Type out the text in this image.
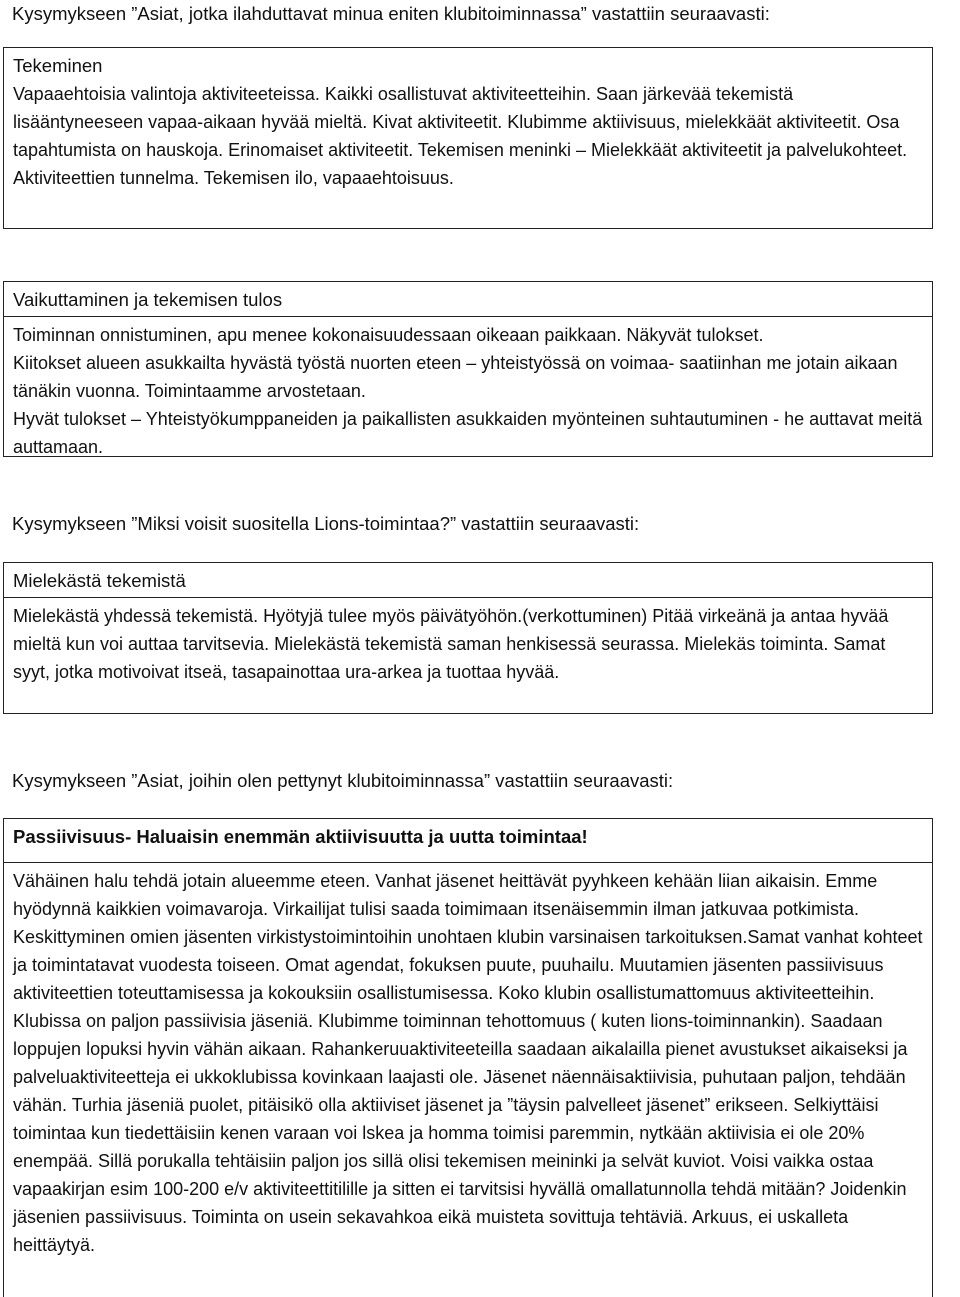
Kysymykseen ”Asiat, jotka ilahduttavat minua eniten klubitoiminnassa” vastattiin seuraavasti:

Tekeminen

Vapaaehtoisia valintoja aktiviteeteissa. Kaikki osallistuvat aktiviteetteihin. Saan järkevää tekemistä lisääntyneeseen vapaa-aikaan hyvää mieltä. Kivat aktiviteetit. Klubimme aktiivisuus, mielekkäät aktiviteetit. Osa tapahtumista on hauskoja. Erinomaiset aktiviteetit. Tekemisen meninki – Mielekkäät aktiviteetit ja palvelukohteet. Aktiviteettien tunnelma. Tekemisen ilo, vapaaehtoisuus.

Vaikuttaminen ja tekemisen tulos

Toiminnan onnistuminen, apu menee kokonaisuudessaan oikeaan paikkaan. Näkyvät tulokset.
Kiitokset alueen asukkailta hyvästä työstä nuorten eteen – yhteistyössä on voimaa- saatiinhan me jotain aikaan tänäkin vuonna. Toimintaamme arvostetaan.
Hyvät tulokset – Yhteistyökumppaneiden ja paikallisten asukkaiden myönteinen suhtautuminen - he auttavat meitä auttamaan.

Kysymykseen ”Miksi voisit suositella Lions-toimintaa?” vastattiin seuraavasti:

Mielekästä tekemistä

Mielekästä yhdessä tekemistä. Hyötyjä tulee myös päivätyöhön.(verkottuminen) Pitää virkeänä ja antaa hyvää mieltä kun voi auttaa tarvitsevia. Mielekästä tekemistä saman henkisessä seurassa. Mielekäs toiminta. Samat syyt, jotka motivoivat itseä, tasapainottaa ura-arkea ja tuottaa hyvää.

Kysymykseen ”Asiat, joihin olen pettynyt klubitoiminnassa” vastattiin seuraavasti:

Passiivisuus- Haluaisin enemmän aktiivisuutta ja uutta toimintaa!

Vähäinen halu tehdä jotain alueemme eteen. Vanhat jäsenet heittävät pyyhkeen kehään liian aikaisin. Emme hyödynnä kaikkien voimavaroja. Virkailijat tulisi saada toimimaan itsenäisemmin ilman jatkuvaa potkimista. Keskittyminen omien jäsenten virkistystoimintoihin unohtaen klubin varsinaisen tarkoituksen.Samat vanhat kohteet ja toimintatavat vuodesta toiseen. Omat agendat, fokuksen puute, puuhailu. Muutamien jäsenten passiivisuus aktiviteettien toteuttamisessa ja kokouksiin osallistumisessa. Koko klubin osallistumattomuus aktiviteetteihin. Klubissa on paljon passiivisia jäseniä. Klubimme toiminnan tehottomuus ( kuten lions-toiminnankin). Saadaan loppujen lopuksi hyvin vähän aikaan. Rahankeruuaktiviteeteilla saadaan aikalailla pienet avustukset aikaiseksi ja palveluaktiviteetteja ei ukkoklubissa kovinkaan laajasti ole. Jäsenet näennäisaktiivisia, puhutaan paljon, tehdään vähän. Turhia jäseniä puolet, pitäisikö olla aktiiviset jäsenet ja ”täysin palvelleet jäsenet” erikseen. Selkiyttäisi toimintaa kun tiedettäisiin kenen varaan voi lskea ja homma toimisi paremmin, nytkään aktiivisia ei ole 20% enempää. Sillä porukalla tehtäisiin paljon jos sillä olisi tekemisen meininki ja selvät kuviot. Voisi vaikka ostaa vapaakirjan esim 100-200 e/v aktiviteettitilille ja sitten ei tarvitsisi hyvällä omallatunnolla tehdä mitään? Joidenkin jäsenien passiivisuus. Toiminta on usein sekavahkoa eikä muisteta sovittuja tehtäviä. Arkuus, ei uskalleta heittäytyä.
